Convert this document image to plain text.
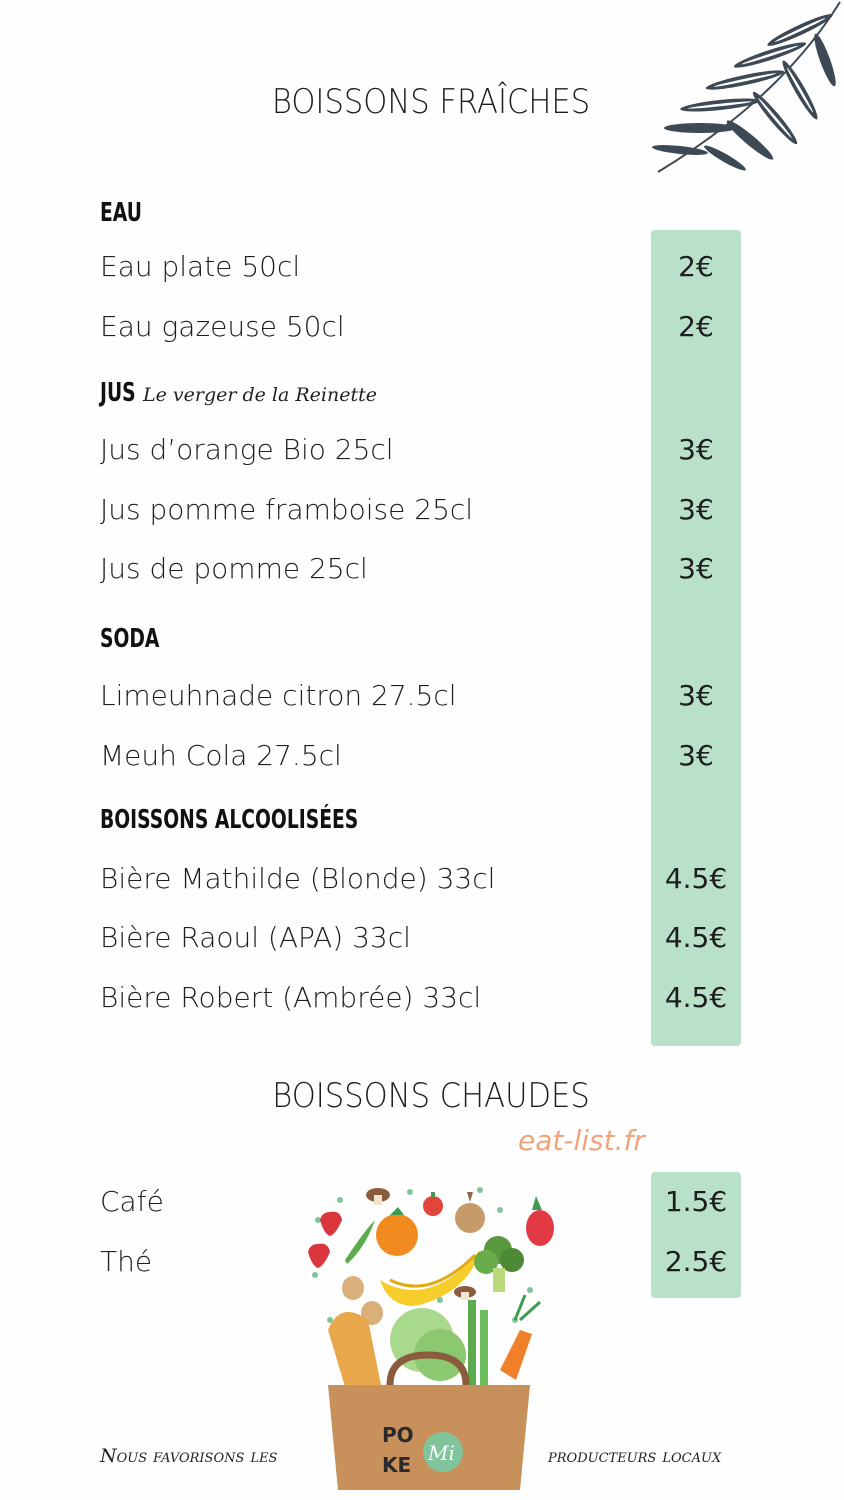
BOISSONS FRAÎCHES
EAU
Eau plate 50cl	2€
Eau gazeuse 50cl	2€
JUS Le verger de la Reinette
Jus d’orange Bio 25cl	3€
Jus pomme framboise 25cl	3€
Jus de pomme 25cl	3€
SODA
Limeuhnade citron 27.5cl	3€
Meuh Cola 27.5cl	3€
BOISSONS ALCOOLISÉES
Bière Mathilde (Blonde) 33cl	4.5€
Bière Raoul (APA) 33cl	4.5€
Bière Robert (Ambrée) 33cl	4.5€
BOISSONS CHAUDES
eat-list.fr
Café	1.5€
Thé	2.5€
PO
KE Mi
Nous favorisons les	producteurs locaux
